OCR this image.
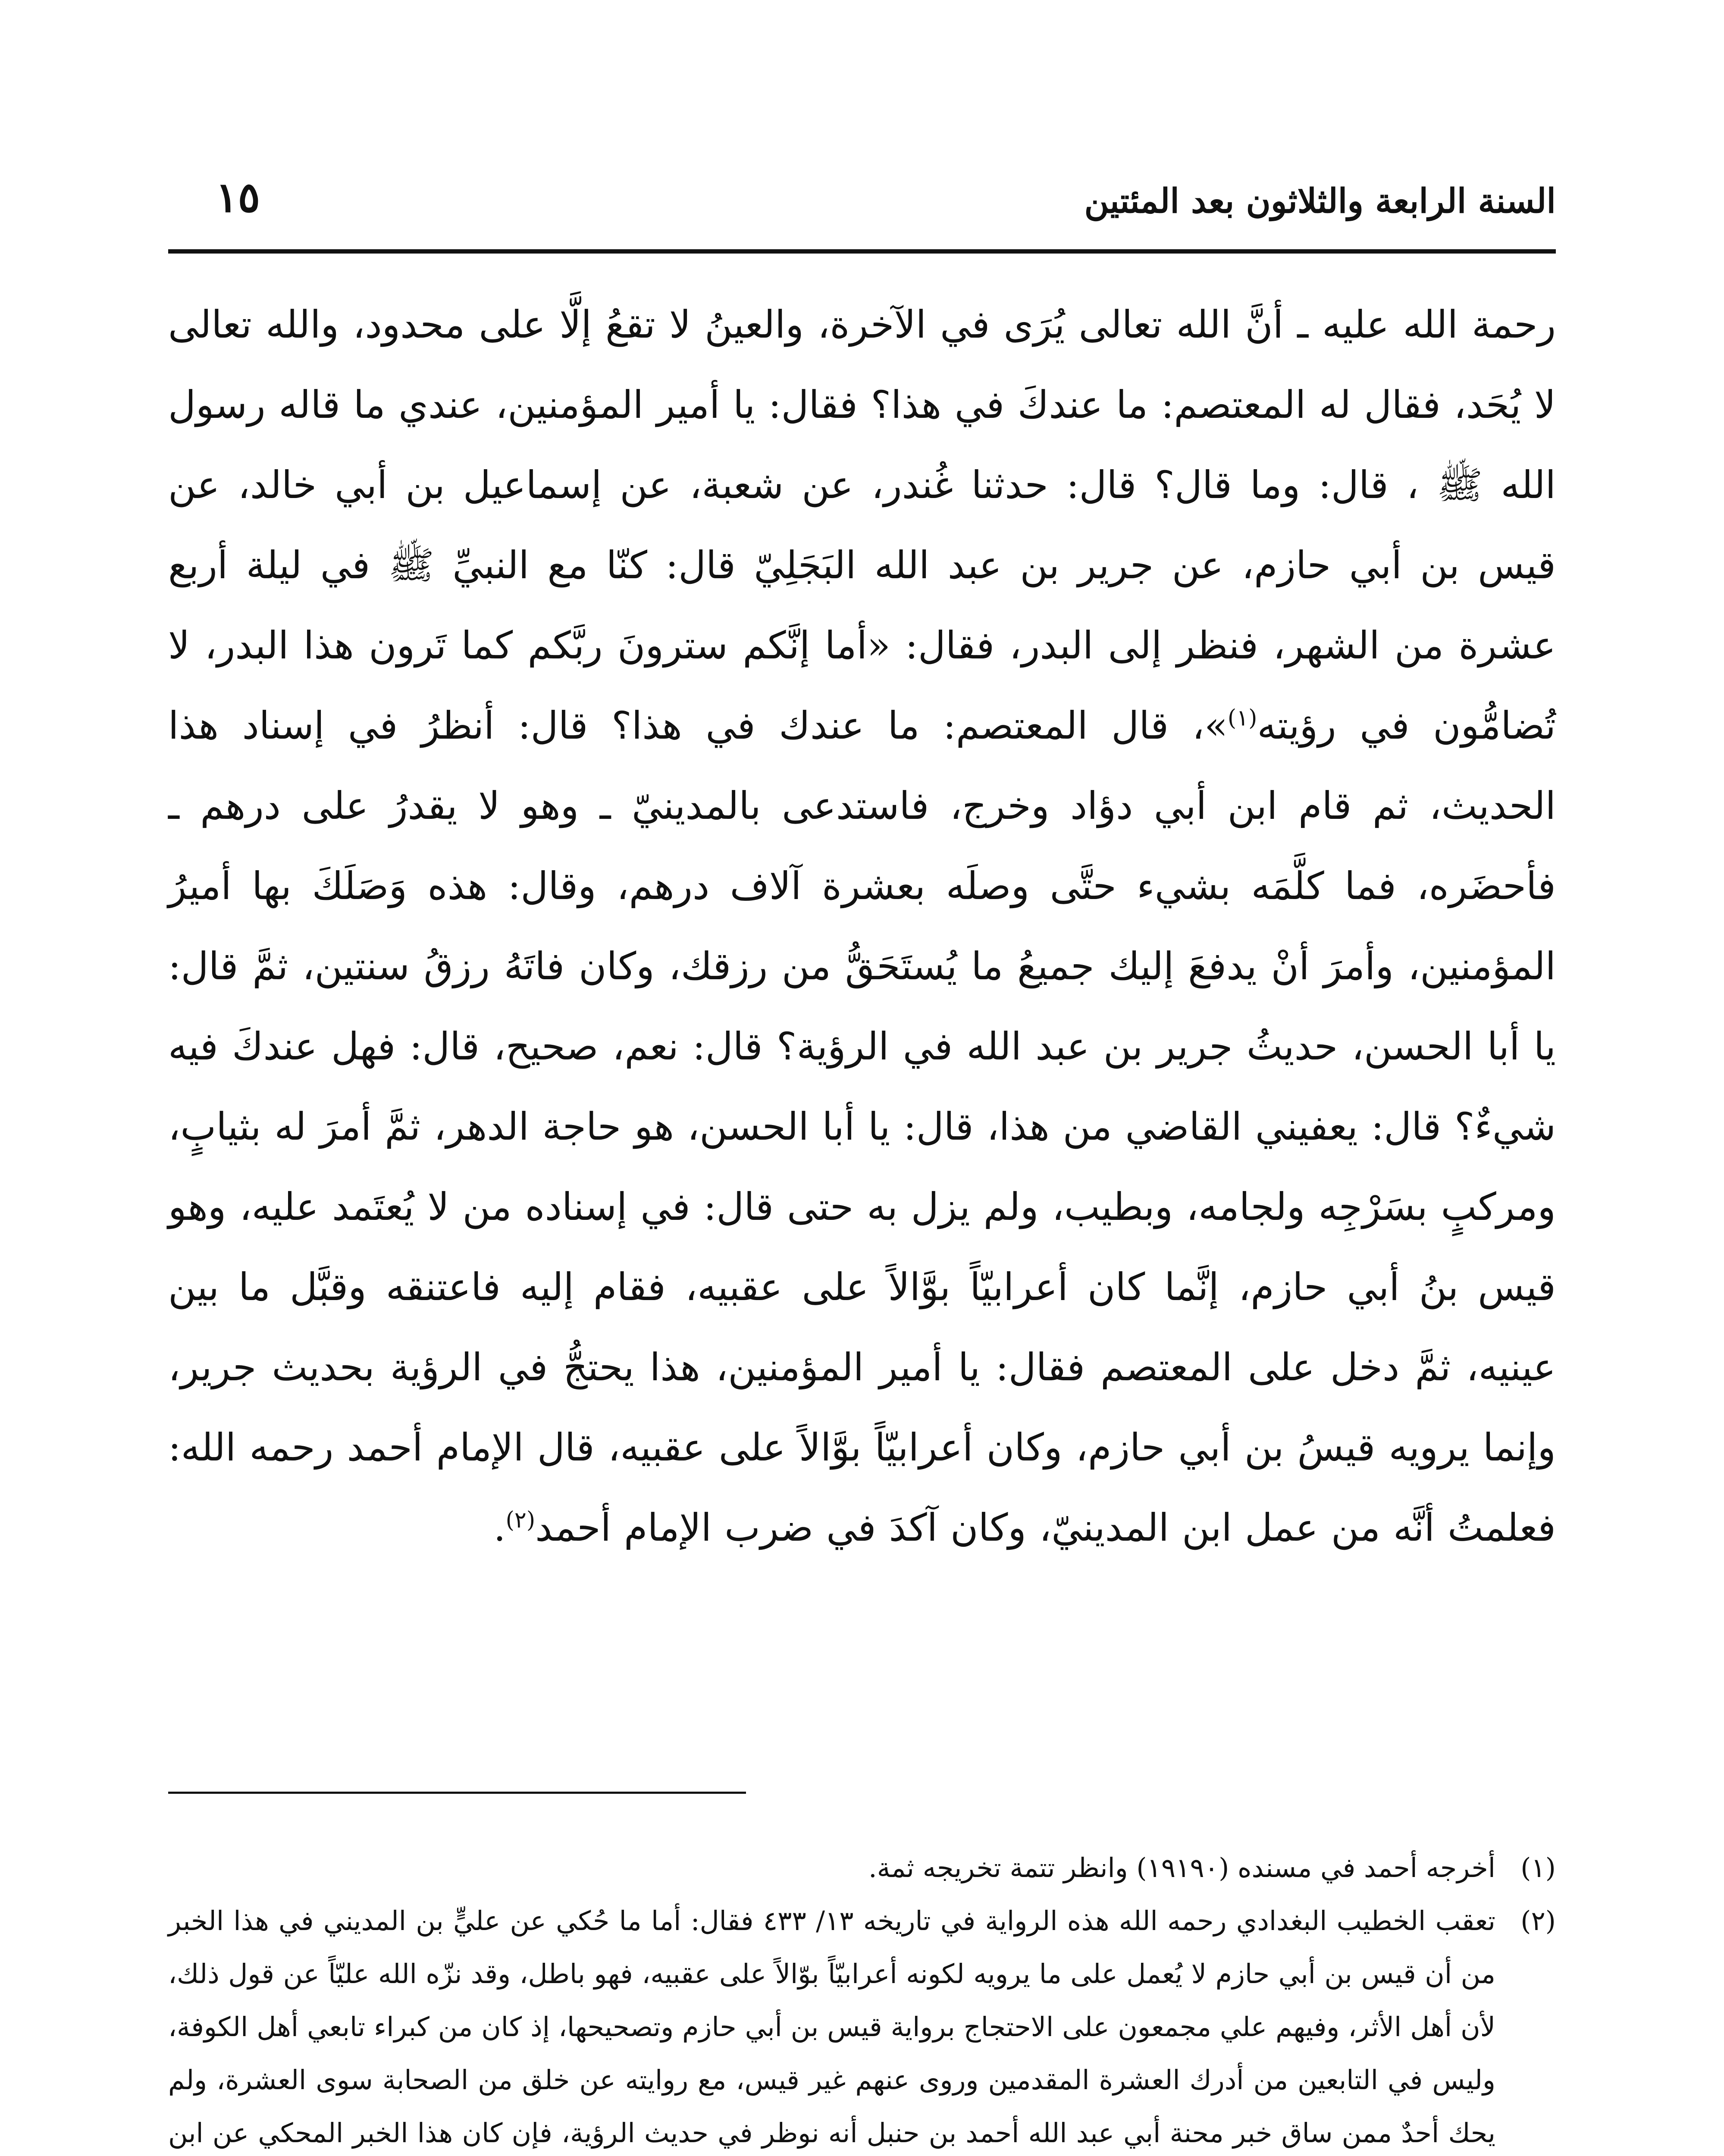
السنة الرابعة والثلاثون بعد المئتين
١٥

رحمة الله عليه ـ أنَّ الله تعالى يُرَى في الآخرة، والعينُ لا تقعُ إلَّا على محدود، والله تعالى لا يُحَد، فقال له المعتصم: ما عندكَ في هذا؟ فقال: يا أمير المؤمنين، عندي ما قاله رسول الله ﷺ ، قال: وما قال؟ قال: حدثنا غُندر، عن شعبة، عن إسماعيل بن أبي خالد، عن قيس بن أبي حازم، عن جرير بن عبد الله البَجَلِيّ قال: كنّا مع النبيِّ ﷺ في ليلة أربع عشرة من الشهر، فنظر إلى البدر، فقال: «أما إنَّكم سترونَ ربَّكم كما تَرون هذا البدر، لا تُضامُّون في رؤيته$^{(١)}$»، قال المعتصم: ما عندك في هذا؟ قال: أنظرُ في إسناد هذا الحديث، ثم قام ابن أبي دؤاد وخرج، فاستدعى بالمدينيّ ـ وهو لا يقدرُ على درهم ـ فأحضَره، فما كلَّمَه بشيء حتَّى وصلَه بعشرة آلاف درهم، وقال: هذه وَصَلَكَ بها أميرُ المؤمنين، وأمرَ أنْ يدفعَ إليك جميعُ ما يُستَحَقُّ من رزقك، وكان فاتَهُ رزقُ سنتين، ثمَّ قال: يا أبا الحسن، حديثُ جرير بن عبد الله في الرؤية؟ قال: نعم، صحيح، قال: فهل عندكَ فيه شيءٌ؟ قال: يعفيني القاضي من هذا، قال: يا أبا الحسن، هو حاجة الدهر، ثمَّ أمرَ له بثيابٍ، ومركبٍ بسَرْجِه ولجامه، وبطيب، ولم يزل به حتى قال: في إسناده من لا يُعتَمد عليه، وهو قيس بنُ أبي حازم، إنَّما كان أعرابيّاً بوَّالاً على عقبيه، فقام إليه فاعتنقه وقبَّل ما بين عينيه، ثمَّ دخل على المعتصم فقال: يا أمير المؤمنين، هذا يحتجُّ في الرؤية بحديث جرير، وإنما يرويه قيسُ بن أبي حازم، وكان أعرابيّاً بوَّالاً على عقبيه، قال الإمام أحمد رحمه الله: فعلمتُ أنَّه من عمل ابن المدينيّ، وكان آكدَ في ضرب الإمام أحمد$^{(٢)}$.

(١)
أخرجه أحمد في مسنده (١٩١٩٠) وانظر تتمة تخريجه ثمة.
(٢)
تعقب الخطيب البغدادي رحمه الله هذه الرواية في تاريخه ١٣/ ٤٣٣ فقال: أما ما حُكي عن عليٍّ بن المديني في هذا الخبر من أن قيس بن أبي حازم لا يُعمل على ما يرويه لكونه أعرابيّاً بوّالاً على عقبيه، فهو باطل، وقد نزّه الله عليّاً عن قول ذلك، لأن أهل الأثر، وفيهم علي مجمعون على الاحتجاج برواية قيس بن أبي حازم وتصحيحها، إذ كان من كبراء تابعي أهل الكوفة، وليس في التابعين من أدرك العشرة المقدمين وروى عنهم غير قيس، مع روايته عن خلق من الصحابة سوى العشرة، ولم يحك أحدٌ ممن ساق خبر محنة أبي عبد الله أحمد بن حنبل أنه نوظر في حديث الرؤية، فإن كان هذا الخبر المحكي عن ابن
